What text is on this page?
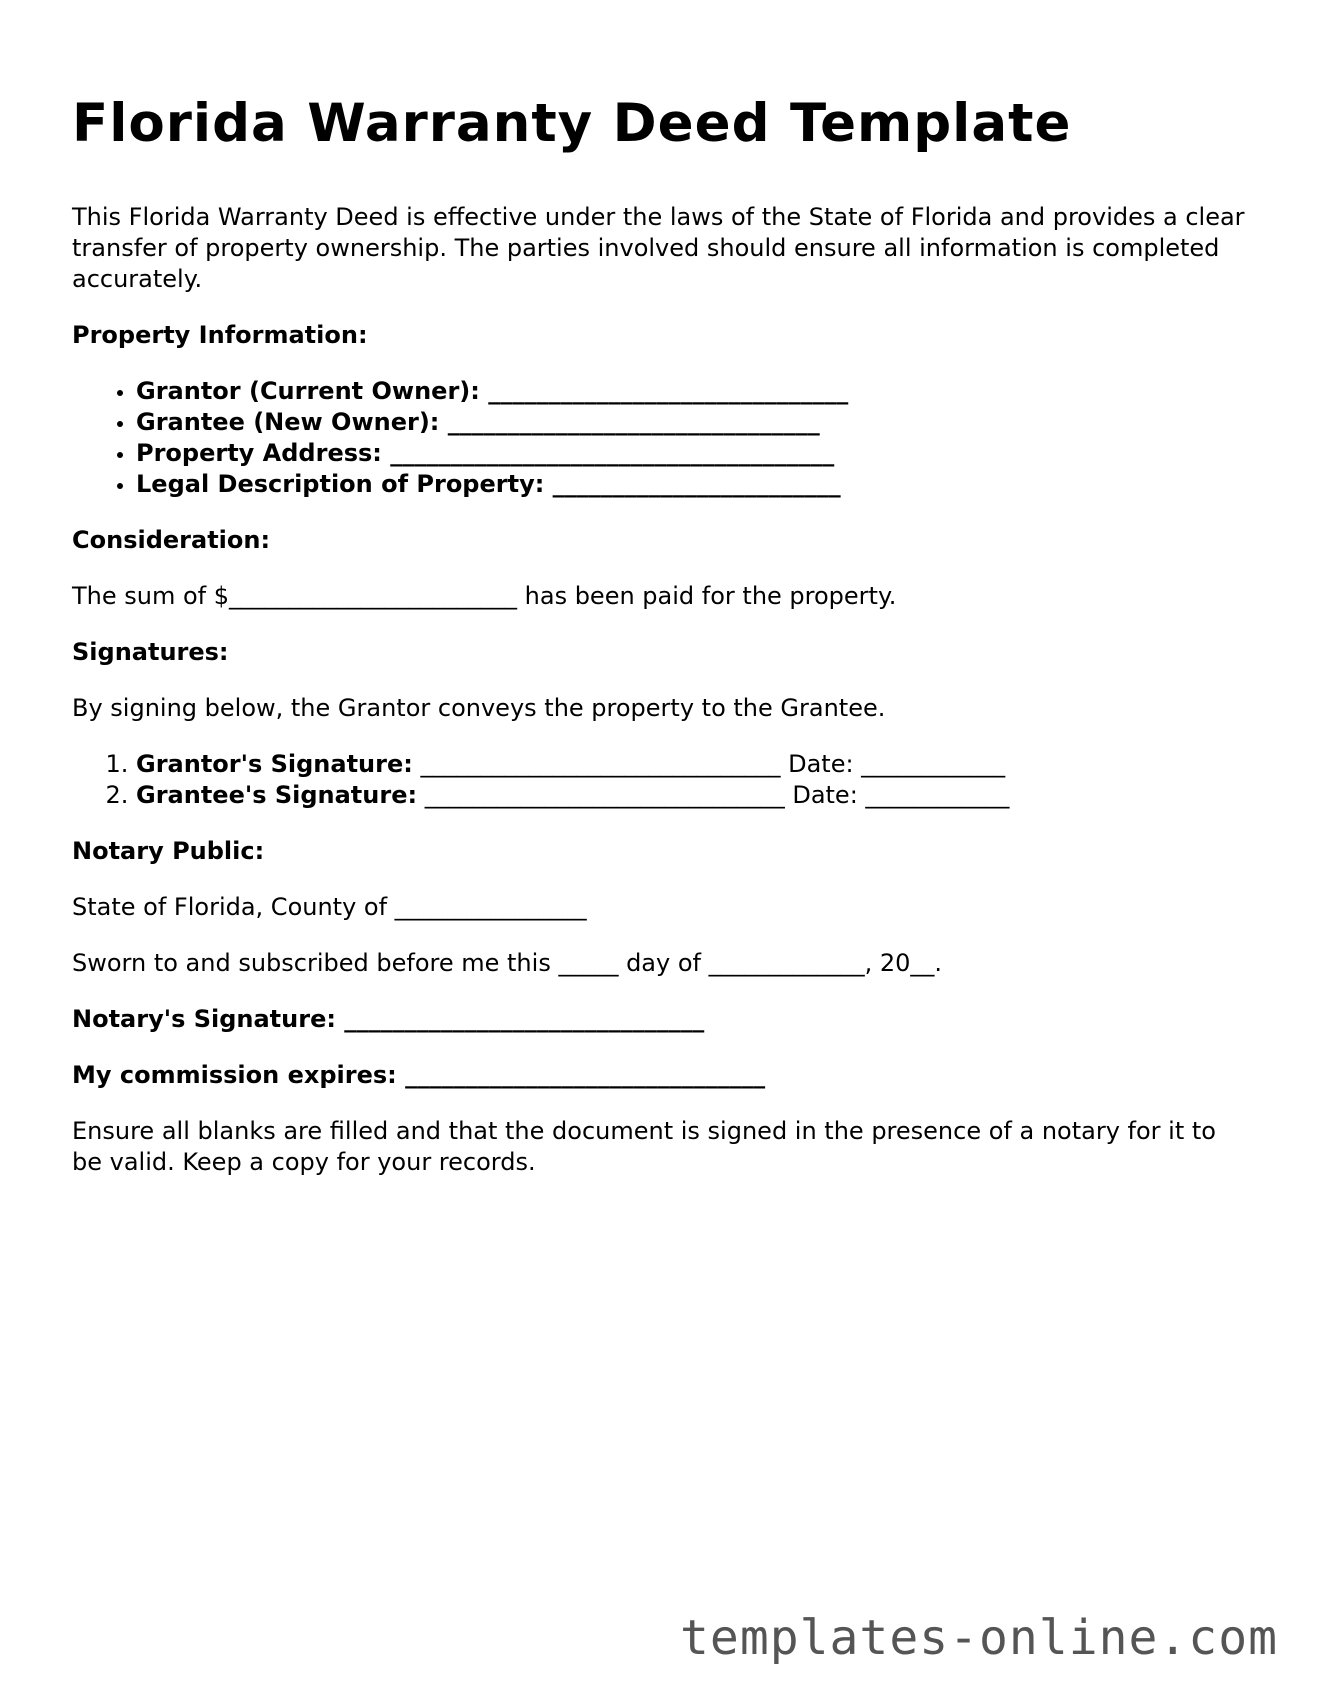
Florida Warranty Deed Template

This Florida Warranty Deed is effective under the laws of the State of Florida and provides a clear transfer of property ownership. The parties involved should ensure all information is completed accurately.

Property Information:

• Grantor (Current Owner): ______________________________
• Grantee (New Owner): _______________________________
• Property Address: _____________________________________
• Legal Description of Property: ________________________

Consideration:

The sum of $________________________ has been paid for the property.

Signatures:

By signing below, the Grantor conveys the property to the Grantee.

1. Grantor's Signature: ______________________________ Date: ____________
2. Grantee's Signature: ______________________________ Date: ____________

Notary Public:

State of Florida, County of ________________

Sworn to and subscribed before me this _____ day of _____________, 20__.

Notary's Signature: ______________________________

My commission expires: ______________________________

Ensure all blanks are filled and that the document is signed in the presence of a notary for it to be valid. Keep a copy for your records.

templates-online.com
